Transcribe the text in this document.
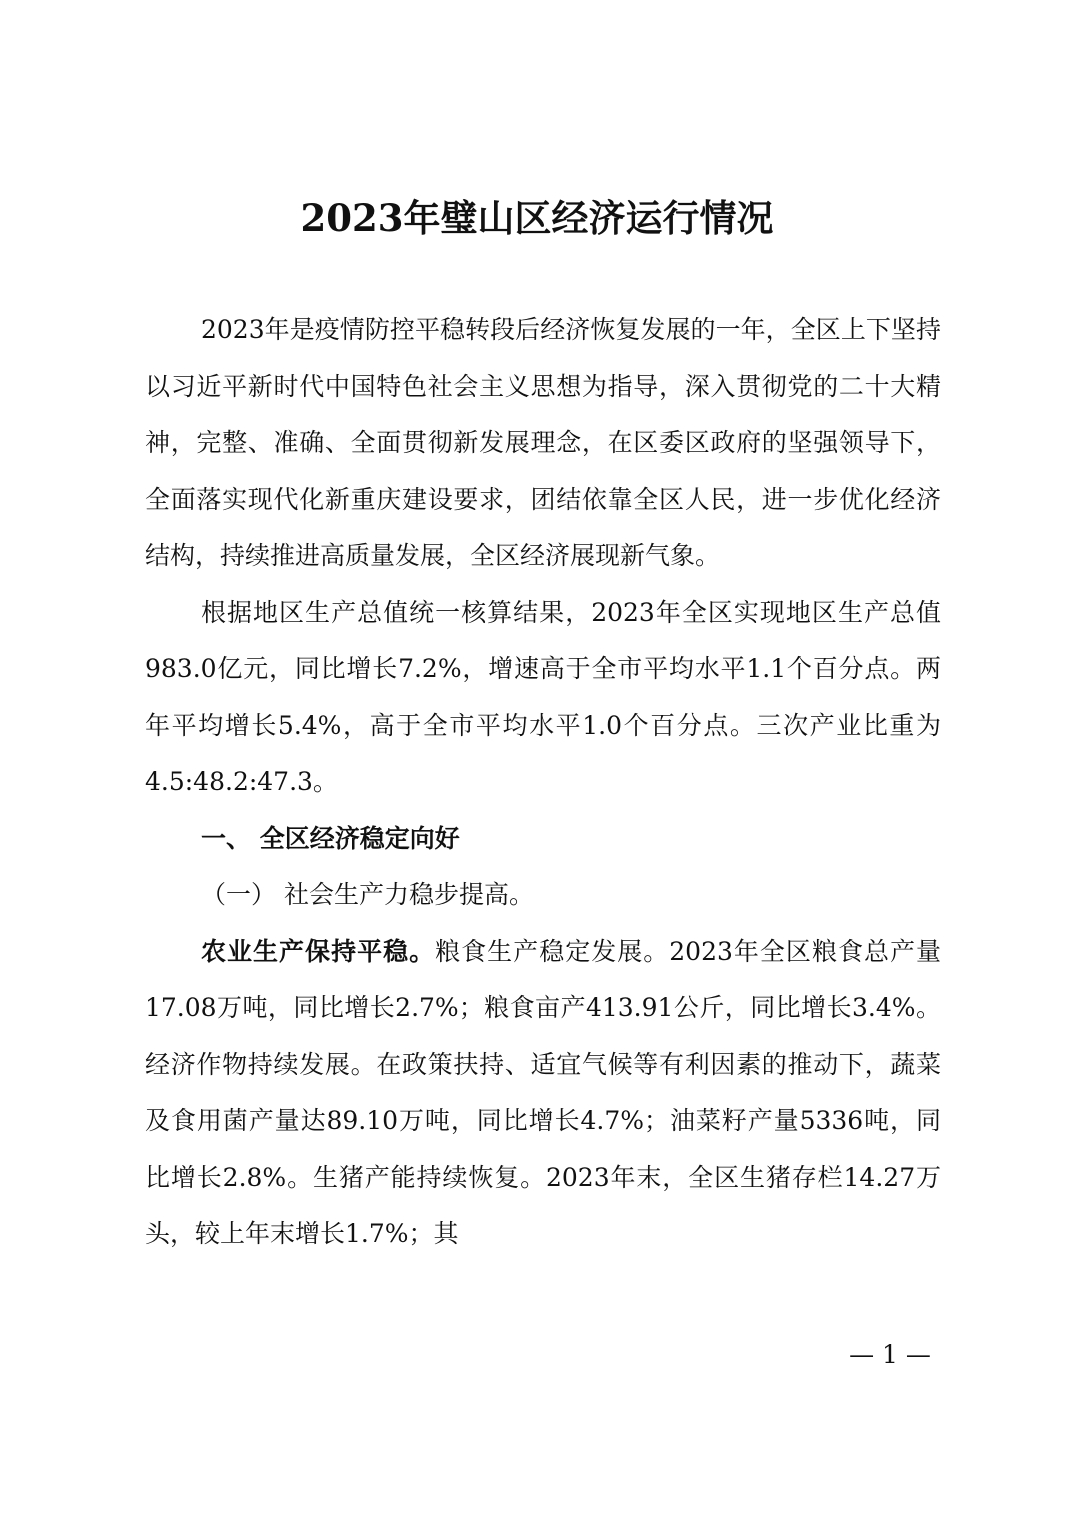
2023年璧山区经济运行情况

2023年是疫情防控平稳转段后经济恢复发展的一年，全区上下坚持以习近平新时代中国特色社会主义思想为指导，深入贯彻党的二十大精神，完整、准确、全面贯彻新发展理念，在区委区政府的坚强领导下，全面落实现代化新重庆建设要求，团结依靠全区人民，进一步优化经济结构，持续推进高质量发展，全区经济展现新气象。

根据地区生产总值统一核算结果，2023年全区实现地区生产总值983.0亿元，同比增长7.2%，增速高于全市平均水平1.1个百分点。两年平均增长5.4%，高于全市平均水平1.0个百分点。三次产业比重为4.5:48.2:47.3。

一、 全区经济稳定向好

（一） 社会生产力稳步提高。

农业生产保持平稳。粮食生产稳定发展。2023年全区粮食总产量17.08万吨，同比增长2.7%；粮食亩产413.91公斤，同比增长3.4%。经济作物持续发展。在政策扶持、适宜气候等有利因素的推动下，蔬菜及食用菌产量达89.10万吨，同比增长4.7%；油菜籽产量5336吨，同比增长2.8%。生猪产能持续恢复。2023年末，全区生猪存栏14.27万头，较上年末增长1.7%；其

— 1 —
